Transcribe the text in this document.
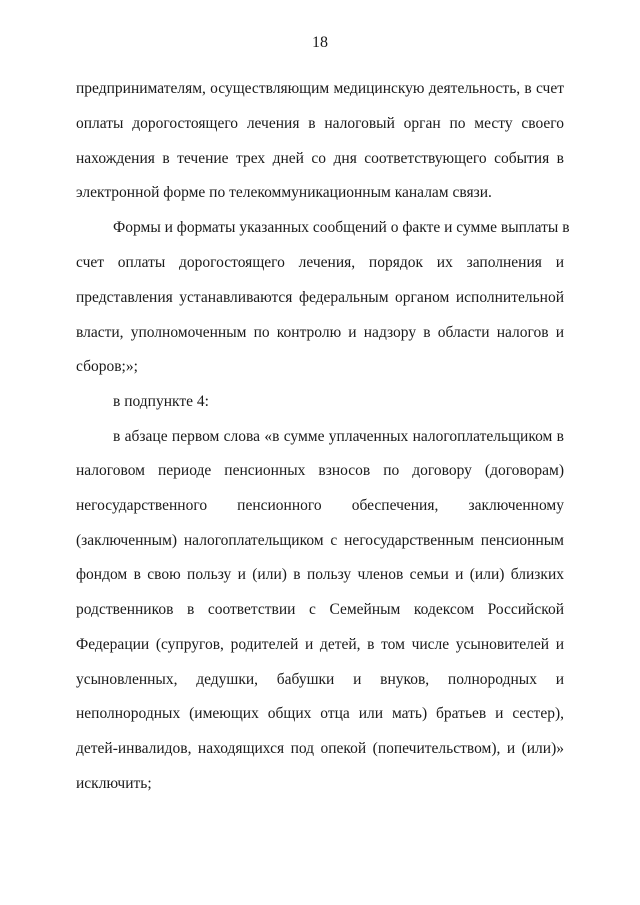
18
предпринимателям, осуществляющим медицинскую деятельность, в счет
оплаты дорогостоящего лечения в налоговый орган по месту своего
нахождения в течение трех дней со дня соответствующего события в
электронной форме по телекоммуникационным каналам связи.
Формы и форматы указанных сообщений о факте и сумме выплаты в
счет оплаты дорогостоящего лечения, порядок их заполнения и
представления устанавливаются федеральным органом исполнительной
власти, уполномоченным по контролю и надзору в области налогов и
сборов;»;
в подпункте 4:
в абзаце первом слова «в сумме уплаченных налогоплательщиком в
налоговом периоде пенсионных взносов по договору (договорам)
негосударственного пенсионного обеспечения, заключенному
(заключенным) налогоплательщиком с негосударственным пенсионным
фондом в свою пользу и (или) в пользу членов семьи и (или) близких
родственников в соответствии с Семейным кодексом Российской
Федерации (супругов, родителей и детей, в том числе усыновителей и
усыновленных, дедушки, бабушки и внуков, полнородных и
неполнородных (имеющих общих отца или мать) братьев и сестер),
детей-инвалидов, находящихся под опекой (попечительством), и (или)»
исключить;
